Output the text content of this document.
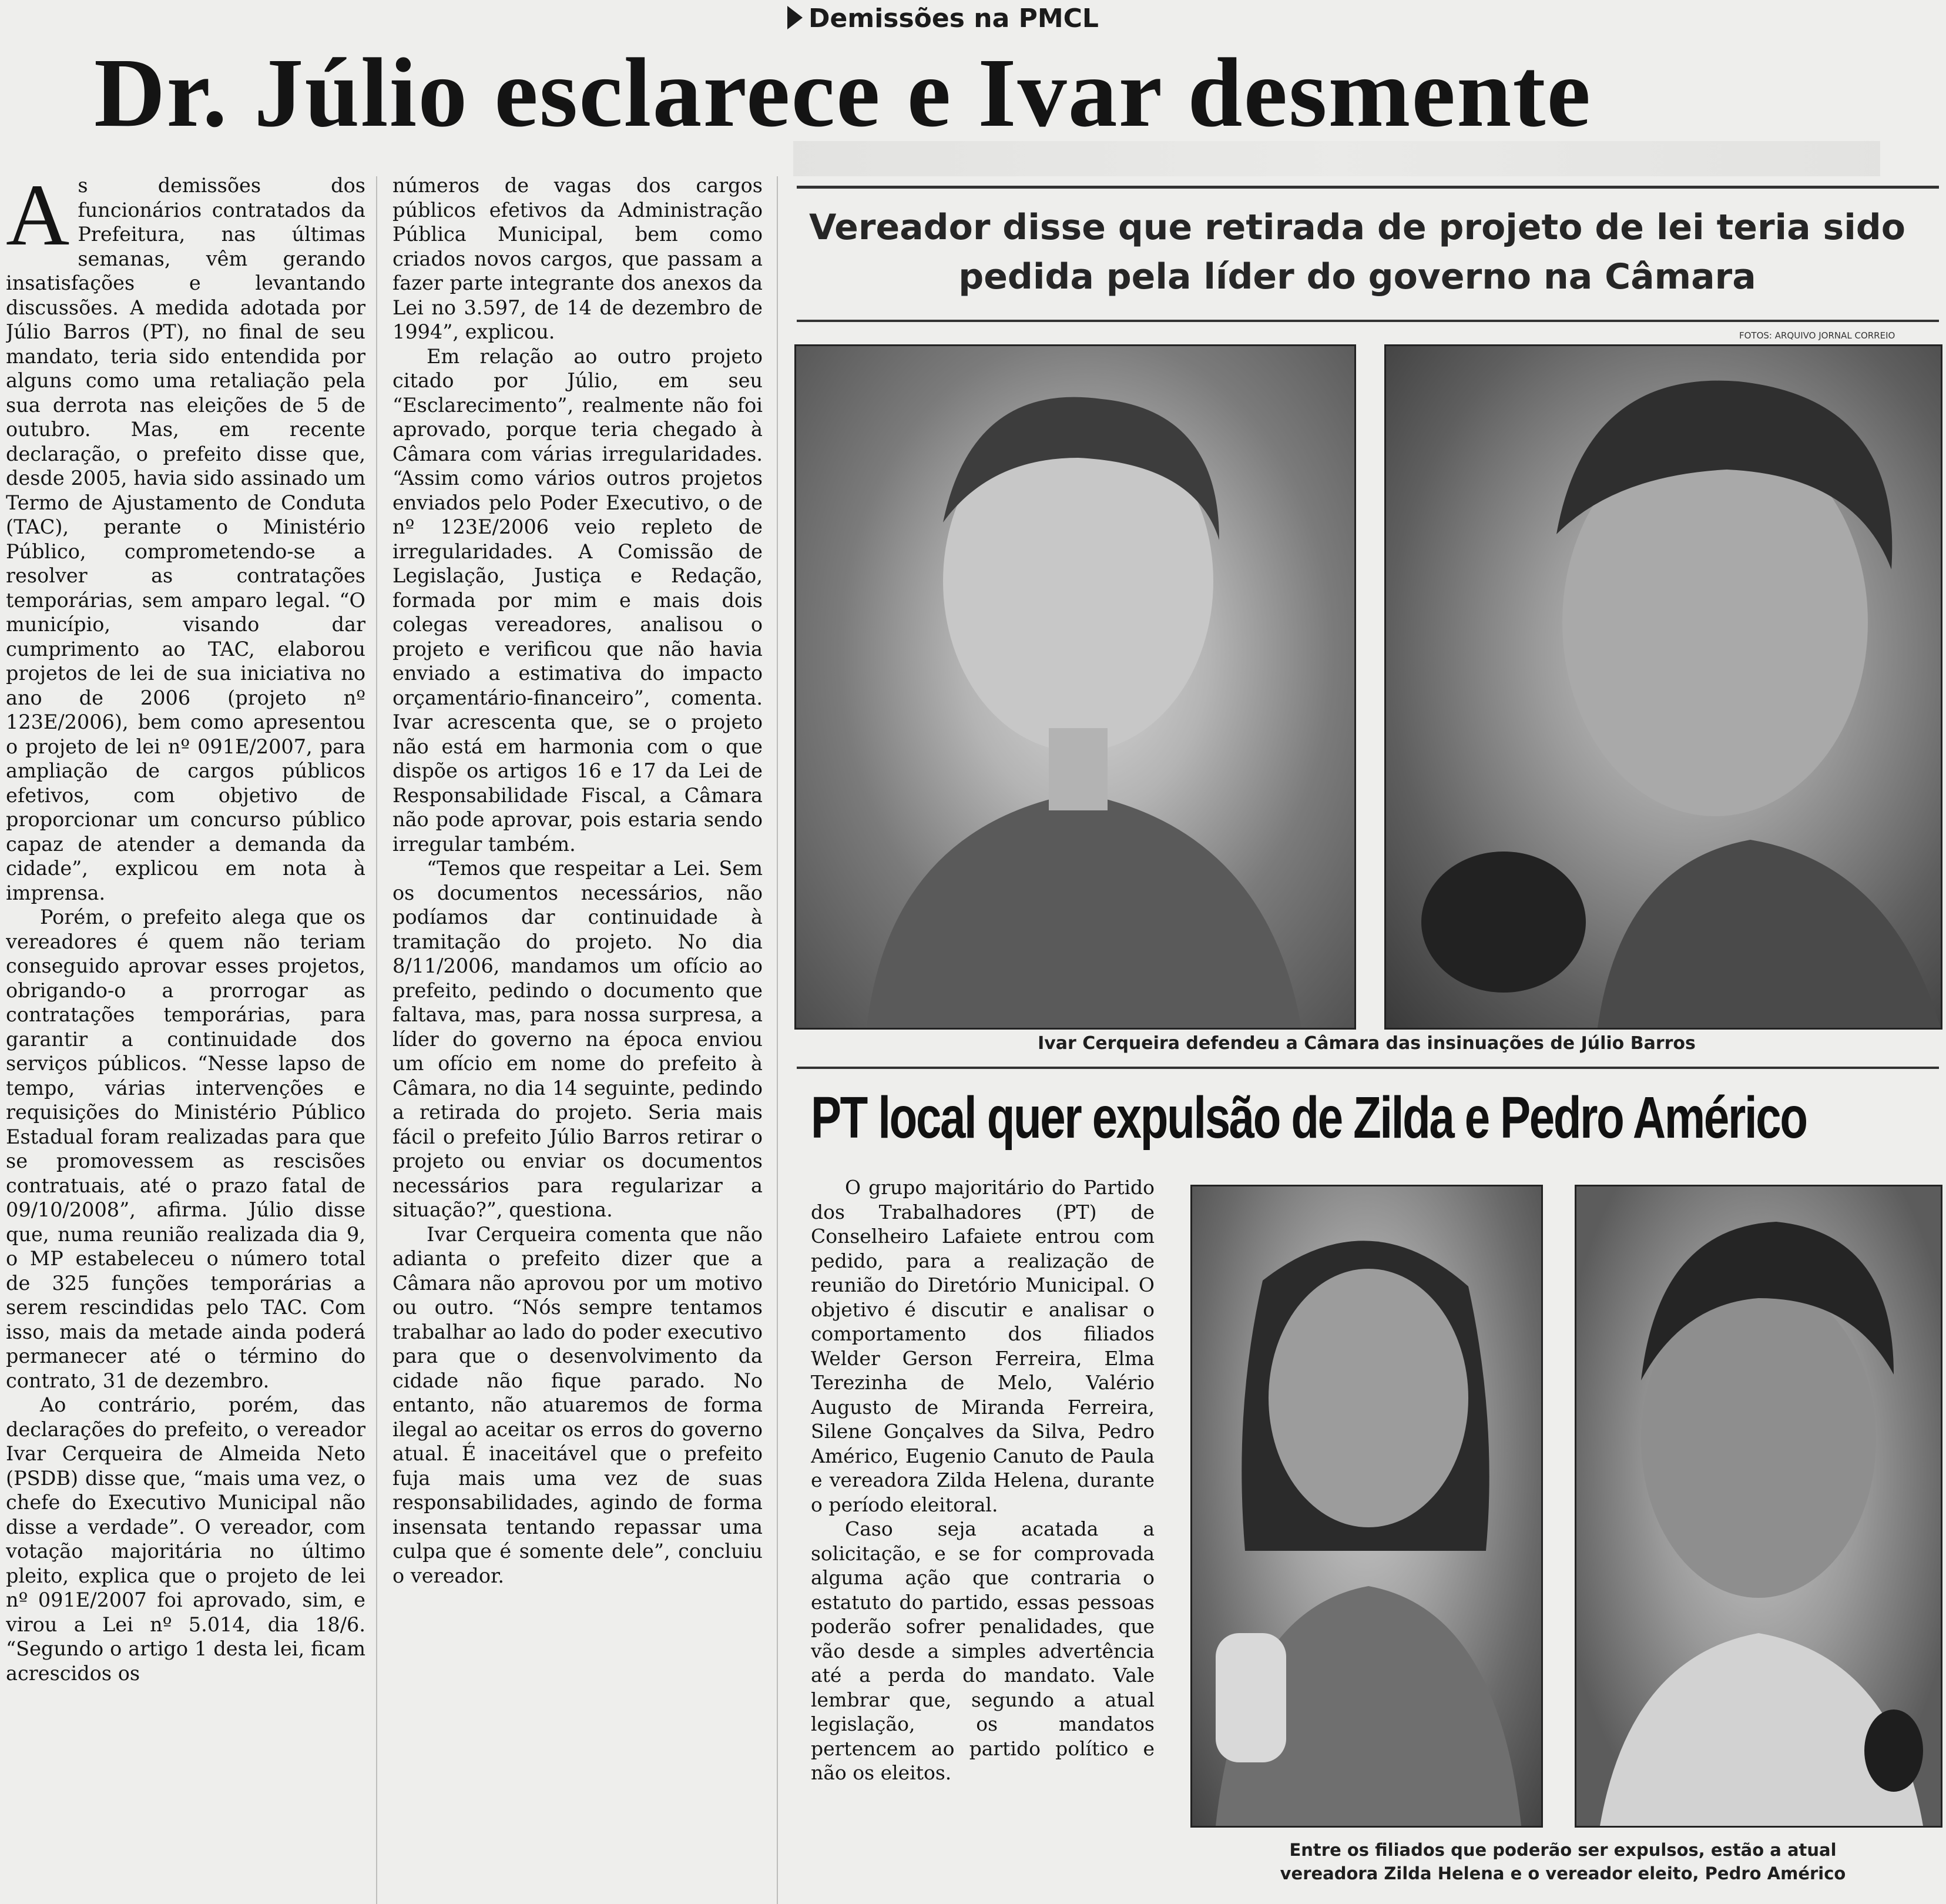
Demissões na PMCL
Dr. Júlio esclarece e Ivar desmente
Vereador disse que retirada de projeto de lei teria sido pedida pela líder do governo na Câmara
FOTOS: ARQUIVO JORNAL CORREIO

As demissões dos funcionários contratados da Prefeitura, nas últimas semanas, vêm gerando insatisfações e levantando discussões. A medida adotada por Júlio Barros (PT), no final de seu mandato, teria sido entendida por alguns como uma retaliação pela sua derrota nas eleições de 5 de outubro. Mas, em recente declaração, o prefeito disse que, desde 2005, havia sido assinado um Termo de Ajustamento de Conduta (TAC), perante o Ministério Público, comprometendo-se a resolver as contratações temporárias, sem amparo legal. “O município, visando dar cumprimento ao TAC, elaborou projetos de lei de sua iniciativa no ano de 2006 (projeto nº 123E/2006), bem como apresentou o projeto de lei nº 091E/2007, para ampliação de cargos públicos efetivos, com objetivo de proporcionar um concurso público capaz de atender a demanda da cidade”, explicou em nota à imprensa.

Porém, o prefeito alega que os vereadores é quem não teriam conseguido aprovar esses projetos, obrigando-o a prorrogar as contratações temporárias, para garantir a continuidade dos serviços públicos. “Nesse lapso de tempo, várias intervenções e requisições do Ministério Público Estadual foram realizadas para que se promovessem as rescisões contratuais, até o prazo fatal de 09/10/2008”, afirma. Júlio disse que, numa reunião realizada dia 9, o MP estabeleceu o número total de 325 funções temporárias a serem rescindidas pelo TAC. Com isso, mais da metade ainda poderá permanecer até o término do contrato, 31 de dezembro.

Ao contrário, porém, das declarações do prefeito, o vereador Ivar Cerqueira de Almeida Neto (PSDB) disse que, “mais uma vez, o chefe do Executivo Municipal não disse a verdade”. O vereador, com votação majoritária no último pleito, explica que o projeto de lei nº 091E/2007 foi aprovado, sim, e virou a Lei nº 5.014, dia 18/6. “Segundo o artigo 1 desta lei, ficam acrescidos os

números de vagas dos cargos públicos efetivos da Administração Pública Municipal, bem como criados novos cargos, que passam a fazer parte integrante dos anexos da Lei no 3.597, de 14 de dezembro de 1994”, explicou.

Em relação ao outro projeto citado por Júlio, em seu “Esclarecimento”, realmente não foi aprovado, porque teria chegado à Câmara com várias irregularidades. “Assim como vários outros projetos enviados pelo Poder Executivo, o de nº 123E/2006 veio repleto de irregularidades. A Comissão de Legislação, Justiça e Redação, formada por mim e mais dois colegas vereadores, analisou o projeto e verificou que não havia enviado a estimativa do impacto orçamentário-financeiro”, comenta. Ivar acrescenta que, se o projeto não está em harmonia com o que dispõe os artigos 16 e 17 da Lei de Responsabilidade Fiscal, a Câmara não pode aprovar, pois estaria sendo irregular também.

“Temos que respeitar a Lei. Sem os documentos necessários, não podíamos dar continuidade à tramitação do projeto. No dia 8/11/2006, mandamos um ofício ao prefeito, pedindo o documento que faltava, mas, para nossa surpresa, a líder do governo na época enviou um ofício em nome do prefeito à Câmara, no dia 14 seguinte, pedindo a retirada do projeto. Seria mais fácil o prefeito Júlio Barros retirar o projeto ou enviar os documentos necessários para regularizar a situação?”, questiona.

Ivar Cerqueira comenta que não adianta o prefeito dizer que a Câmara não aprovou por um motivo ou outro. “Nós sempre tentamos trabalhar ao lado do poder executivo para que o desenvolvimento da cidade não fique parado. No entanto, não atuaremos de forma ilegal ao aceitar os erros do governo atual. É inaceitável que o prefeito fuja mais uma vez de suas responsabilidades, agindo de forma insensata tentando repassar uma culpa que é somente dele”, concluiu o vereador.

Ivar Cerqueira defendeu a Câmara das insinuações de Júlio Barros
PT local quer expulsão de Zilda e Pedro Américo

O grupo majoritário do Partido dos Trabalhadores (PT) de Conselheiro Lafaiete entrou com pedido, para a realização de reunião do Diretório Municipal. O objetivo é discutir e analisar o comportamento dos filiados Welder Gerson Ferreira, Elma Terezinha de Melo, Valério Augusto de Miranda Ferreira, Silene Gonçalves da Silva, Pedro Américo, Eugenio Canuto de Paula e vereadora Zilda Helena, durante o período eleitoral.

Caso seja acatada a solicitação, e se for comprovada alguma ação que contraria o estatuto do partido, essas pessoas poderão sofrer penalidades, que vão desde a simples advertência até a perda do mandato. Vale lembrar que, segundo a atual legislação, os mandatos pertencem ao partido político e não os eleitos.

Entre os filiados que poderão ser expulsos, estão a atual vereadora Zilda Helena e o vereador eleito, Pedro Américo
